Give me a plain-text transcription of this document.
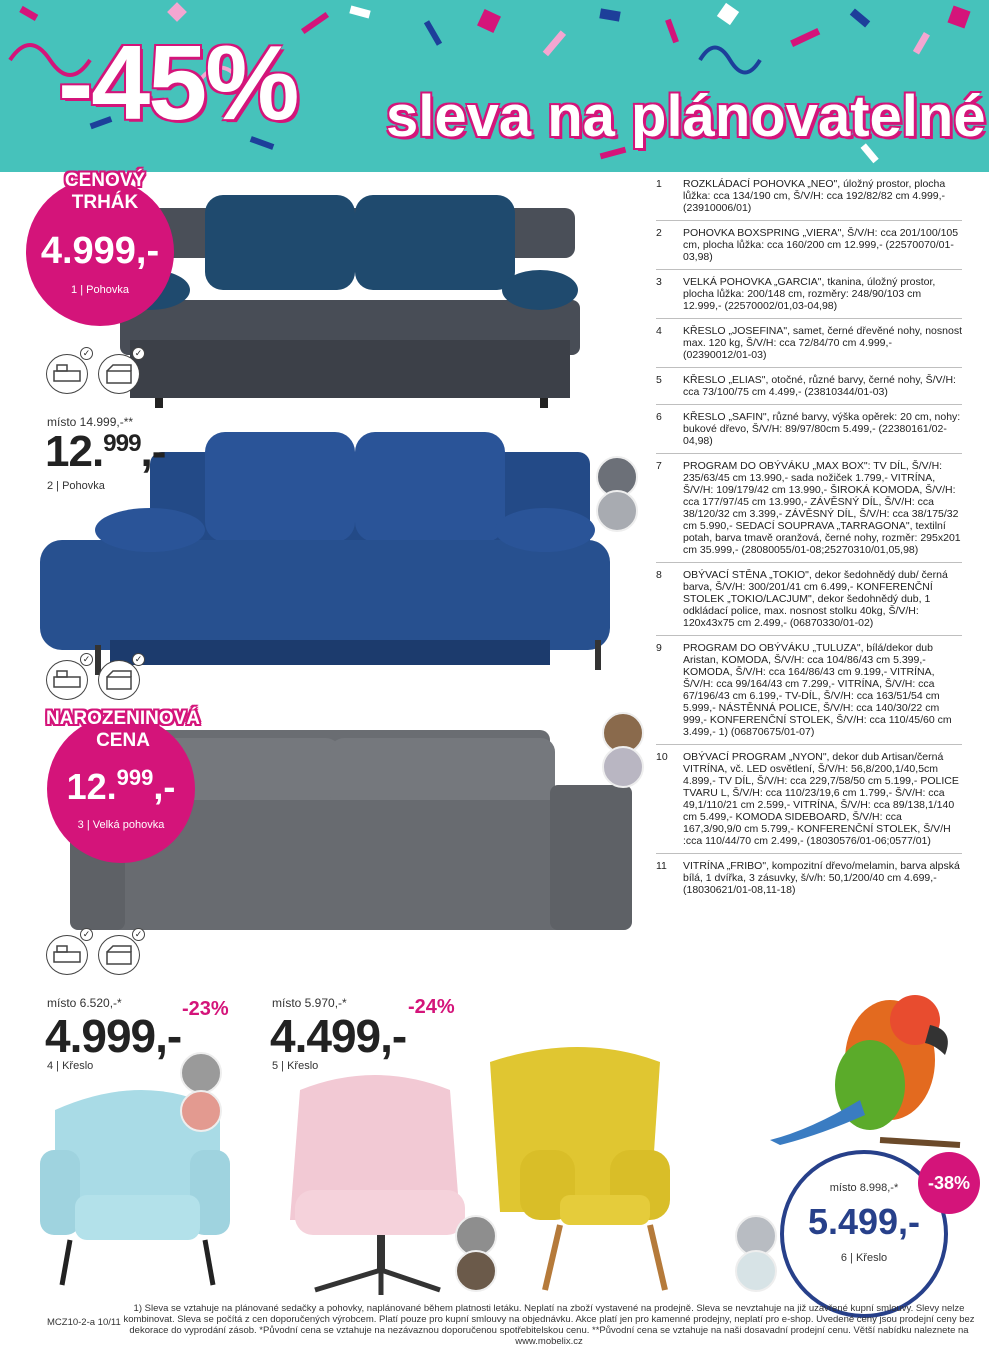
-45% sleva na plánovatelné
✓	✓
✓	✓
✓	✓
4.999,-
1 | Pohovka
CENOVÝ
TRHÁK
místo 14.999,-**
12.$^{999}$,-
2 | Pohovka
12.$^{999}$,-
3 | Velká pohovka
NAROZENINOVÁ
CENA
místo 6.520,-*	-23%
4.999,-
4 | Křeslo
místo 5.970,-*	-24%
4.499,-
5 | Křeslo
místo 8.998,-*
5.499,-
6 | Křeslo
-38%
1 ROZKLÁDACÍ POHOVKA „NEO", úložný prostor, plocha lůžka: cca 134/190 cm, Š/V/H: cca 192/82/82 cm 4.999,- (23910006/01)
2 POHOVKA BOXSPRING „VIERA", Š/V/H: cca 201/100/105 cm, plocha lůžka: cca 160/200 cm 12.999,- (22570070/01-03,98)
3 VELKÁ POHOVKA „GARCIA", tkanina, úložný prostor, plocha lůžka: 200/148 cm, rozměry: 248/90/103 cm 12.999,- (22570002/01,03-04,98)
4 KŘESLO „JOSEFINA", samet, černé dřevěné nohy, nosnost max. 120 kg, Š/V/H: cca 72/84/70 cm 4.999,- (02390012/01-03)
5 KŘESLO „ELIAS", otočné, různé barvy, černé nohy, Š/V/H: cca 73/100/75 cm 4.499,- (23810344/01-03)
6 KŘESLO „SAFIN", různé barvy, výška opěrek: 20 cm, nohy: bukové dřevo, Š/V/H: 89/97/80cm 5.499,- (22380161/02-04,98)
7 PROGRAM DO OBÝVÁKU „MAX BOX": TV DÍL, Š/V/H: 235/63/45 cm 13.990,- sada nožiček 1.799,- VITRÍNA, Š/V/H: 109/179/42 cm 13.990,- ŠIROKÁ KOMODA, Š/V/H: cca 177/97/45 cm 13.990,- ZÁVĚSNÝ DÍL, Š/V/H: cca 38/120/32 cm 3.399,- ZÁVĚSNÝ DÍL, Š/V/H: cca 38/175/32 cm 5.990,- SEDACÍ SOUPRAVA „TARRAGONA", textilní potah, barva tmavě oranžová, černé nohy, rozměr: 295x201 cm 35.999,- (28080055/01-08;25270310/01,05,98)
8 OBÝVACÍ STĚNA „TOKIO", dekor šedohnědý dub/ černá barva, Š/V/H: 300/201/41 cm 6.499,- KONFERENČNÍ STOLEK „TOKIO/LACJUM", dekor šedohnědý dub, 1 odkládací police, max. nosnost stolku 40kg, Š/V/H: 120x43x75 cm 2.499,- (06870330/01-02)
9 PROGRAM DO OBÝVÁKU „TULUZA", bílá/dekor dub Aristan, KOMODA, Š/V/H: cca 104/86/43 cm 5.399,- KOMODA, Š/V/H: cca 164/86/43 cm 9.199,- VITRÍNA, Š/V/H: cca 99/164/43 cm 7.299,- VITRÍNA, Š/V/H: cca 67/196/43 cm 6.199,- TV-DÍL, Š/V/H: cca 163/51/54 cm 5.999,- NÁSTĚNNÁ POLICE, Š/V/H: cca 140/30/22 cm 999,- KONFERENČNÍ STOLEK, Š/V/H: cca 110/45/60 cm 3.499,- 1) (06870675/01-07)
10 OBÝVACÍ PROGRAM „NYON", dekor dub Artisan/černá VITRÍNA, vč. LED osvětlení, Š/V/H: 56,8/200,1/40,5cm 4.899,- TV DÍL, Š/V/H: cca 229,7/58/50 cm 5.199,- POLICE TVARU L, Š/V/H: cca 110/23/19,6 cm 1.799,- Š/V/H: cca 49,1/110/21 cm 2.599,- VITRÍNA, Š/V/H: cca 89/138,1/140 cm 5.499,- KOMODA SIDEBOARD, Š/V/H: cca 167,3/90,9/0 cm 5.799,- KONFERENČNÍ STOLEK, Š/V/H :cca 110/44/70 cm 2.499,- (18030576/01-06;0577/01)
11 VITRÍNA „FRIBO", kompozitní dřevo/melamin, barva alpská bílá, 1 dvířka, 3 zásuvky, š/v/h: 50,1/200/40 cm 4.699,- (18030621/01-08,11-18)
MCZ10-2-a 10/11
1) Sleva se vztahuje na plánované sedačky a pohovky, naplánované během platnosti letáku. Neplatí na zboží vystavené na prodejně. Sleva se nevztahuje na již uzavřené kupní smlouvy. Slevy nelze kombinovat. Sleva se počítá z cen doporučených výrobcem. Platí pouze pro kupní smlouvy na objednávku. Akce platí jen pro kamenné prodejny, neplatí pro e-shop. Uvedené ceny jsou prodejní ceny bez dekorace do vyprodání zásob. *Původní cena se vztahuje na nezávaznou doporučenou spotřebitelskou cenu. **Původní cena se vztahuje na naši dosavadní prodejní cenu. Větší nabídku naleznete na www.mobelix.cz
